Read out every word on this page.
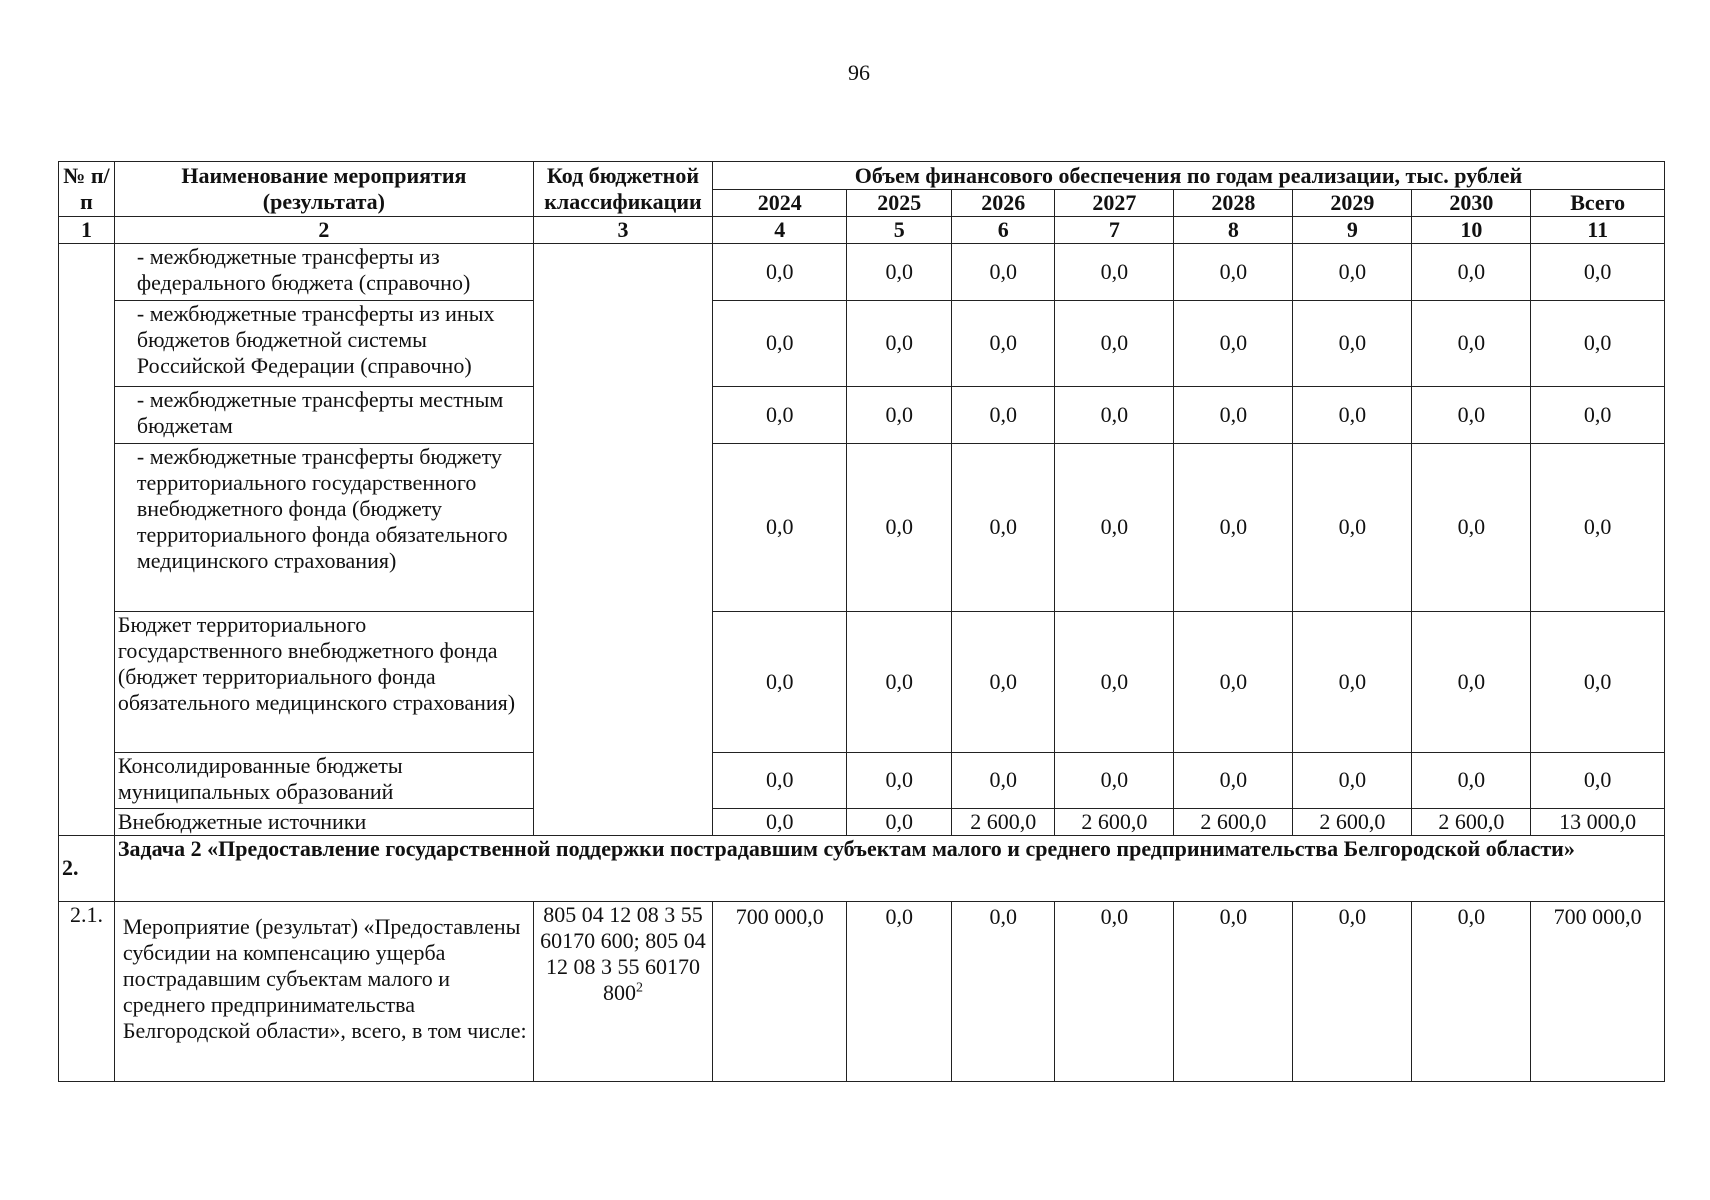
96
№ п/п	Наименование мероприятия (результата)	Код бюджетной классификации	Объем финансового обеспечения по годам реализации, тыс. рублей							
			2024	2025	2026	2027	2028	2029	2030	Всего
1	2	3	4	5	6	7	8	9	10	11
	- межбюджетные трансферты из федерального бюджета (справочно)		0,0	0,0	0,0	0,0	0,0	0,0	0,0	0,0
	- межбюджетные трансферты из иных бюджетов бюджетной системы Российской Федерации (справочно)		0,0	0,0	0,0	0,0	0,0	0,0	0,0	0,0
	- межбюджетные трансферты местным бюджетам		0,0	0,0	0,0	0,0	0,0	0,0	0,0	0,0
	- межбюджетные трансферты бюджету территориального государственного внебюджетного фонда (бюджету территориального фонда обязательного медицинского страхования)		0,0	0,0	0,0	0,0	0,0	0,0	0,0	0,0
	Бюджет территориального государственного внебюджетного фонда (бюджет территориального фонда обязательного медицинского страхования)		0,0	0,0	0,0	0,0	0,0	0,0	0,0	0,0
	Консолидированные бюджеты муниципальных образований		0,0	0,0	0,0	0,0	0,0	0,0	0,0	0,0
	Внебюджетные источники		0,0	0,0	2 600,0	2 600,0	2 600,0	2 600,0	2 600,0	13 000,0
2.	Задача 2 «Предоставление государственной поддержки пострадавшим субъектам малого и среднего предпринимательства Белгородской области»									
2.1.	Мероприятие (результат) «Предоставлены субсидии на компенсацию ущерба пострадавшим субъектам малого и среднего предпринимательства Белгородской области», всего, в том числе:	805 04 12 08 3 55 60170 600; 805 04 12 08 3 55 60170 $800^2$	700 000,0	0,0	0,0	0,0	0,0	0,0	0,0	700 000,0
